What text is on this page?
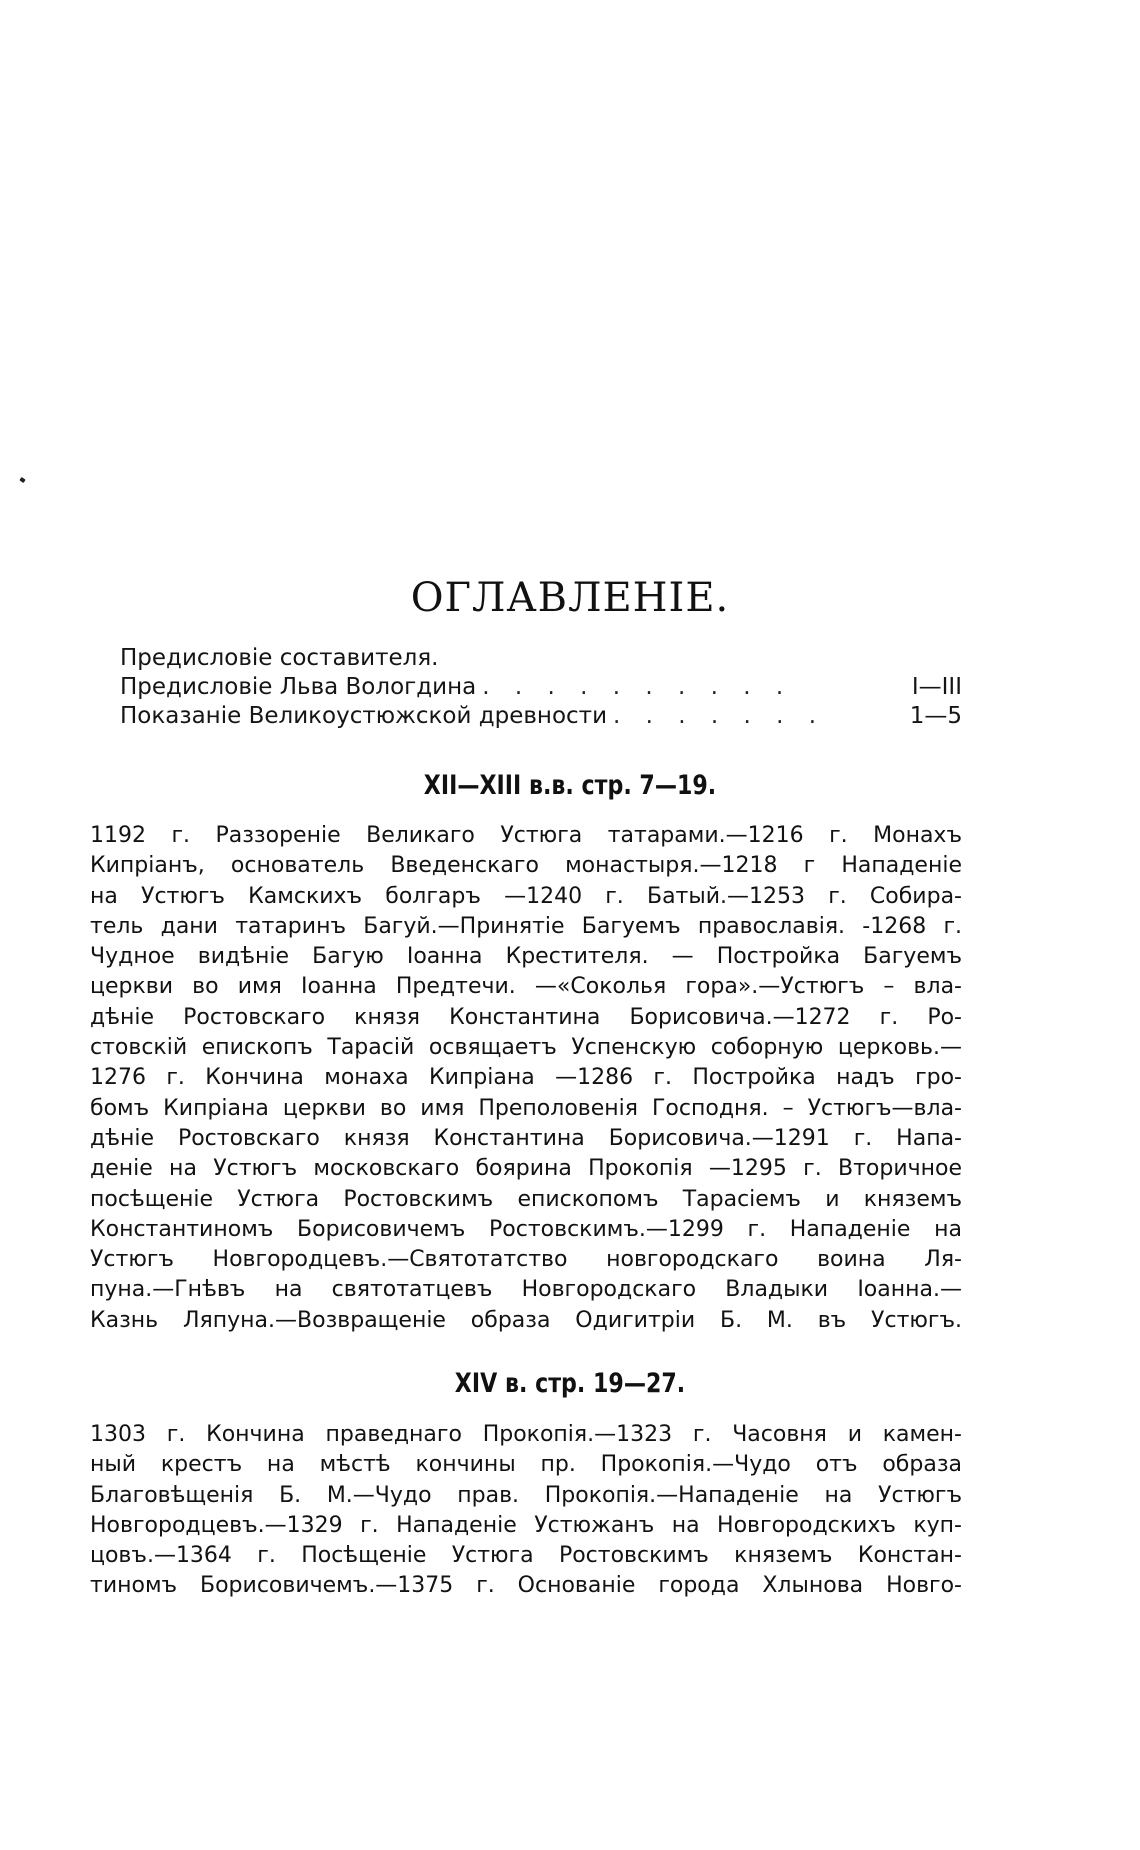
ОГЛАВЛЕНIЕ.
Предисловіе составителя.
Предисловіе Льва Вологдина . . . . . . . . . .	I—III
Показаніе Великоустюжской древности . . . . . . .	1—5
XII—XIII в.в. стр. 7—19.

1192 г. Раззореніе Великаго Устюга татарами.—1216 г. Монахъ
Кипріанъ, основатель Введенскаго монастыря.—1218 г Нападеніе
на Устюгъ Камскихъ болгаръ —1240 г. Батый.—1253 г. Собира-
тель дани татаринъ Багуй.—Принятіе Багуемъ православія. -1268 г.
Чудное видѣніе Багую Іоанна Крестителя. — Постройка Багуемъ
церкви во имя Іоанна Предтечи. —«Соколья гора».—Устюгъ – вла-
дѣніе Ростовскаго князя Константина Борисовича.—1272 г. Ро-
стовскій епископъ Тарасій освящаетъ Успенскую соборную церковь.—
1276 г. Кончина монаха Кипріана —1286 г. Постройка надъ гро-
бомъ Кипріана церкви во имя Преполовенія Господня. – Устюгъ—вла-
дѣніе Ростовскаго князя Константина Борисовича.—1291 г. Напа-
деніе на Устюгъ московскаго боярина Прокопія —1295 г. Вторичное
посѣщеніе Устюга Ростовскимъ епископомъ Тарасіемъ и княземъ
Константиномъ Борисовичемъ Ростовскимъ.—1299 г. Нападеніе на
Устюгъ Новгородцевъ.—Святотатство новгородскаго воина Ля-
пуна.—Гнѣвъ на святотатцевъ Новгородскаго Владыки Іоанна.—
Казнь Ляпуна.—Возвращеніе образа Одигитріи Б. М. въ Устюгъ.

XIV в. стр. 19—27.

1303 г. Кончина праведнаго Прокопія.—1323 г. Часовня и камен-
ный крестъ на мѣстѣ кончины пр. Прокопія.—Чудо отъ образа
Благовѣщенія Б. М.—Чудо прав. Прокопія.—Нападеніе на Устюгъ
Новгородцевъ.—1329 г. Нападеніе Устюжанъ на Новгородскихъ куп-
цовъ.—1364 г. Посѣщеніе Устюга Ростовскимъ княземъ Констан-
тиномъ Борисовичемъ.—1375 г. Основаніе города Хлынова Новго-
